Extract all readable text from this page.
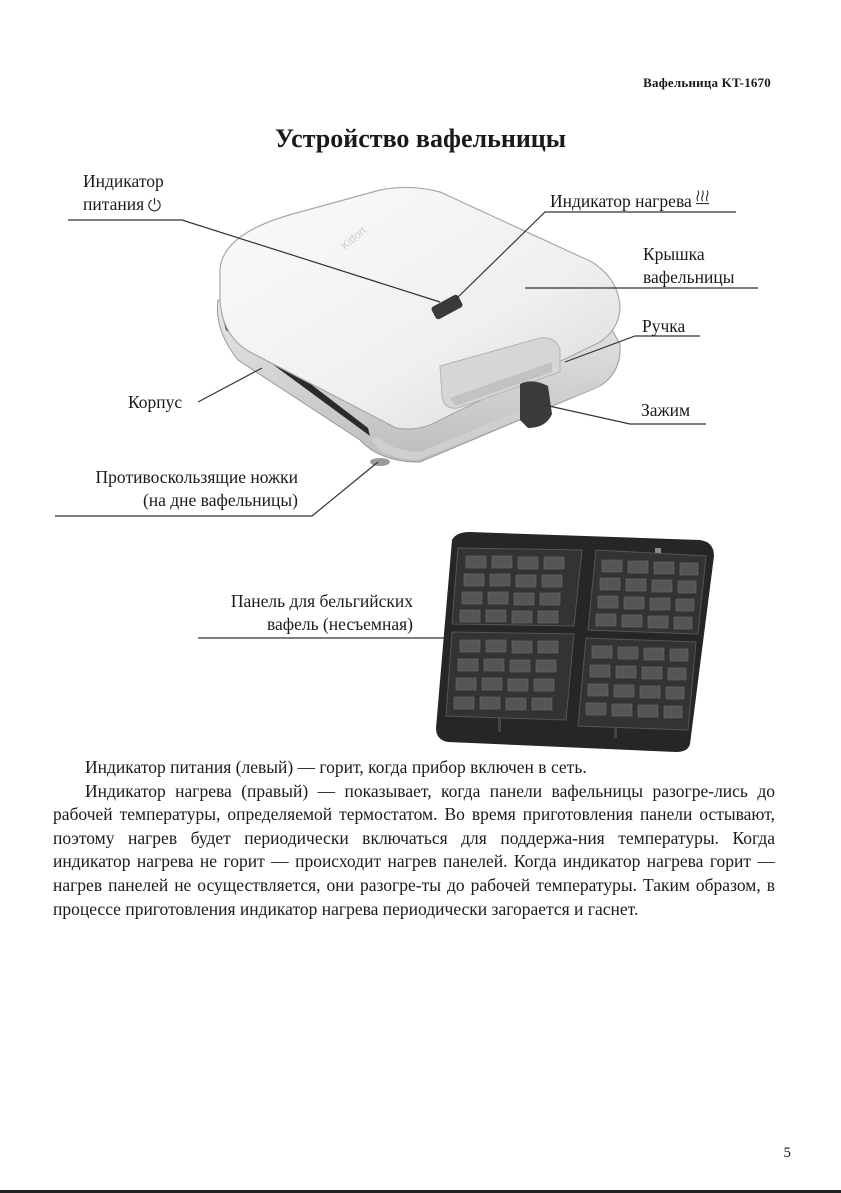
Вафельница KT-1670
Устройство вафельницы
Kitfort
Индикатор
питания	Индикатор нагрева
Крышка
вафельницы
Ручка
Зажим
Корпус
Противоскользящие ножки
(на дне вафельницы)
Панель для бельгийских
вафель (несъемная)

Индикатор питания (левый) — горит, когда прибор включен в сеть.

Индикатор нагрева (правый) — показывает, когда панели вафельницы разогре-лись до рабочей температуры, определяемой термостатом. Во время приготовления панели остывают, поэтому нагрев будет периодически включаться для поддержа-ния температуры. Когда индикатор нагрева не горит — происходит нагрев панелей. Когда индикатор нагрева горит — нагрев панелей не осуществляется, они разогре-ты до рабочей температуры. Таким образом, в процессе приготовления индикатор нагрева периодически загорается и гаснет.

5
